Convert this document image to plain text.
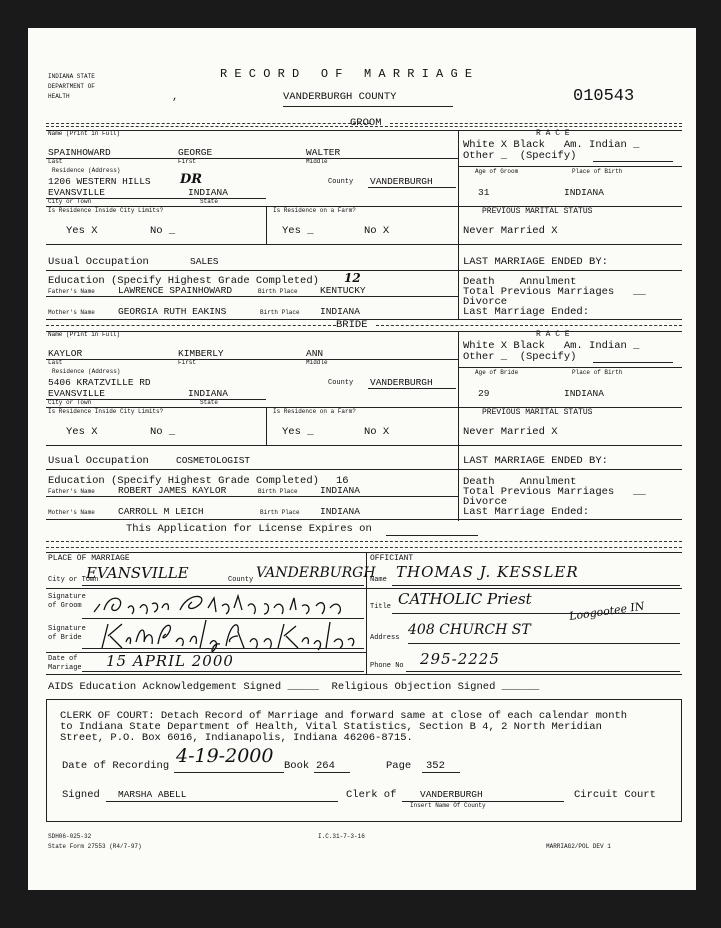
INDIANA STATE
DEPARTMENT OF
HEALTH	,
R E C O R D   O F   M A R R I A G E
VANDERBURGH COUNTY	010543
GROOM
Name (Print in Full)
SPAINHOWARD	GEORGE	WALTER
Last	First	Middle
R A C E
White X Black   Am. Indian _
Other _  (Specify)
Residence (Address)
1206 WESTERN HILLS DR	County VANDERBURGH
EVANSVILLE	INDIANA
City or Town	State
Age of Groom	Place of Birth
31	INDIANA
Is Residence Inside City Limits?	Is Residence on a Farm?	PREVIOUS MARITAL STATUS
Yes X	No _	Yes _	No X	Never Married X
Usual Occupation	SALES	LAST MARRIAGE ENDED BY:
Education (Specify Highest Grade Completed) 12	Death    Annulment
Total Previous Marriages   __
Father's Name LAWRENCE SPAINHOWARD	Birth Place KENTUCKY
Divorce
Mother's Name GEORGIA RUTH EAKINS	Birth Place INDIANA	Last Marriage Ended:
BRIDE
Name (Print in Full)
KAYLOR	KIMBERLY	ANN
Last	First	Middle
R A C E
White X Black   Am. Indian _
Other _  (Specify)
Residence (Address)
5406 KRATZVILLE RD	County VANDERBURGH
EVANSVILLE	INDIANA
City or Town	State
Age of Bride	Place of Birth
29	INDIANA
Is Residence Inside City Limits?	Is Residence on a Farm?	PREVIOUS MARITAL STATUS
Yes X	No _	Yes _	No X	Never Married X
Usual Occupation	COSMETOLOGIST	LAST MARRIAGE ENDED BY:
Education (Specify Highest Grade Completed) 16	Death    Annulment
Total Previous Marriages   __
Father's Name ROBERT JAMES KAYLOR	Birth Place INDIANA
Divorce
Mother's Name CARROLL M LEICH	Birth Place INDIANA	Last Marriage Ended:
This Application for License Expires on
PLACE OF MARRIAGE	OFFICIANT
City or Town
EVANSVILLE	County VANDERBURGH
Name THOMAS J. KESSLER
Signature
of Groom
George Spainhoward
Title CATHOLIC Priest
Signature
of Bride
Kimberly Ann Kaylor
Address 408 CHURCH ST
Loogootee IN
Date of
Marriage 15 APRIL 2000	Phone No 295-2225
AIDS Education Acknowledgement Signed _____  Religious Objection Signed ______
CLERK OF COURT: Detach Record of Marriage and forward same at close of each calendar month
to Indiana State Department of Health, Vital Statistics, Section B 4, 2 North Meridian
Street, P.O. Box 6016, Indianapolis, Indiana 46206-8715.
Date of Recording 4-19-2000 Book 264	Page 352
Signed MARSHA ABELL	Clerk of VANDERBURGH
Insert Name Of County
Circuit Court
SDH06-025-32
State Form 27553 (R4/7-97)
I.C.31-7-3-16
MARRIAG2/POL DEV 1
